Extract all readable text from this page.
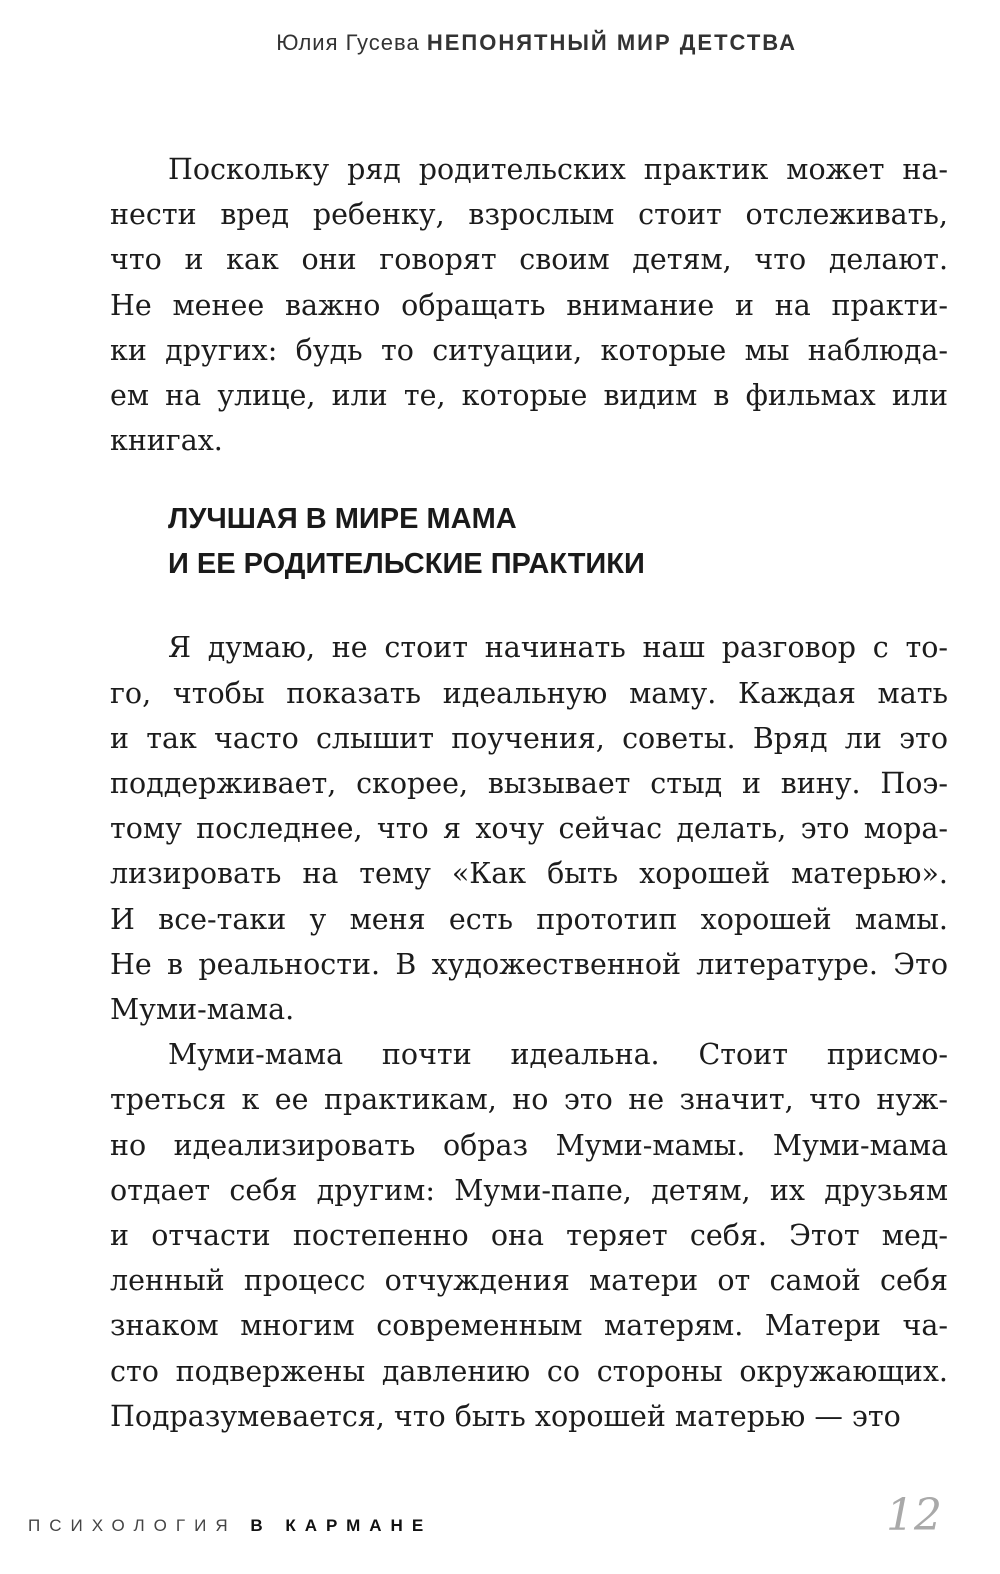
Юлия Гусева НЕПОНЯТНЫЙ МИР ДЕТСТВА
Поскольку ряд родительских практик может на-
нести вред ребенку, взрослым стоит отслеживать,
что и как они говорят своим детям, что делают.
Не менее важно обращать внимание и на практи-
ки других: будь то ситуации, которые мы наблюда-
ем на улице, или те, которые видим в фильмах или
книгах.
ЛУЧШАЯ В МИРЕ МАМА
И ЕЕ РОДИТЕЛЬСКИЕ ПРАКТИКИ
Я думаю, не стоит начинать наш разговор с то-
го, чтобы показать идеальную маму. Каждая мать
и так часто слышит поучения, советы. Вряд ли это
поддерживает, скорее, вызывает стыд и вину. Поэ-
тому последнее, что я хочу сейчас делать, это мора-
лизировать на тему «Как быть хорошей матерью».
И все-таки у меня есть прототип хорошей мамы.
Не в реальности. В художественной литературе. Это
Муми-мама.
Муми-мама почти идеальна. Стоит присмо-
треться к ее практикам, но это не значит, что нуж-
но идеализировать образ Муми-мамы. Муми-мама
отдает себя другим: Муми-папе, детям, их друзьям
и отчасти постепенно она теряет себя. Этот мед-
ленный процесс отчуждения матери от самой себя
знаком многим современным матерям. Матери ча-
сто подвержены давлению со стороны окружающих.
Подразумевается, что быть хорошей матерью — это
ПСИХОЛОГИЯ В КАРМАНЕ	12
